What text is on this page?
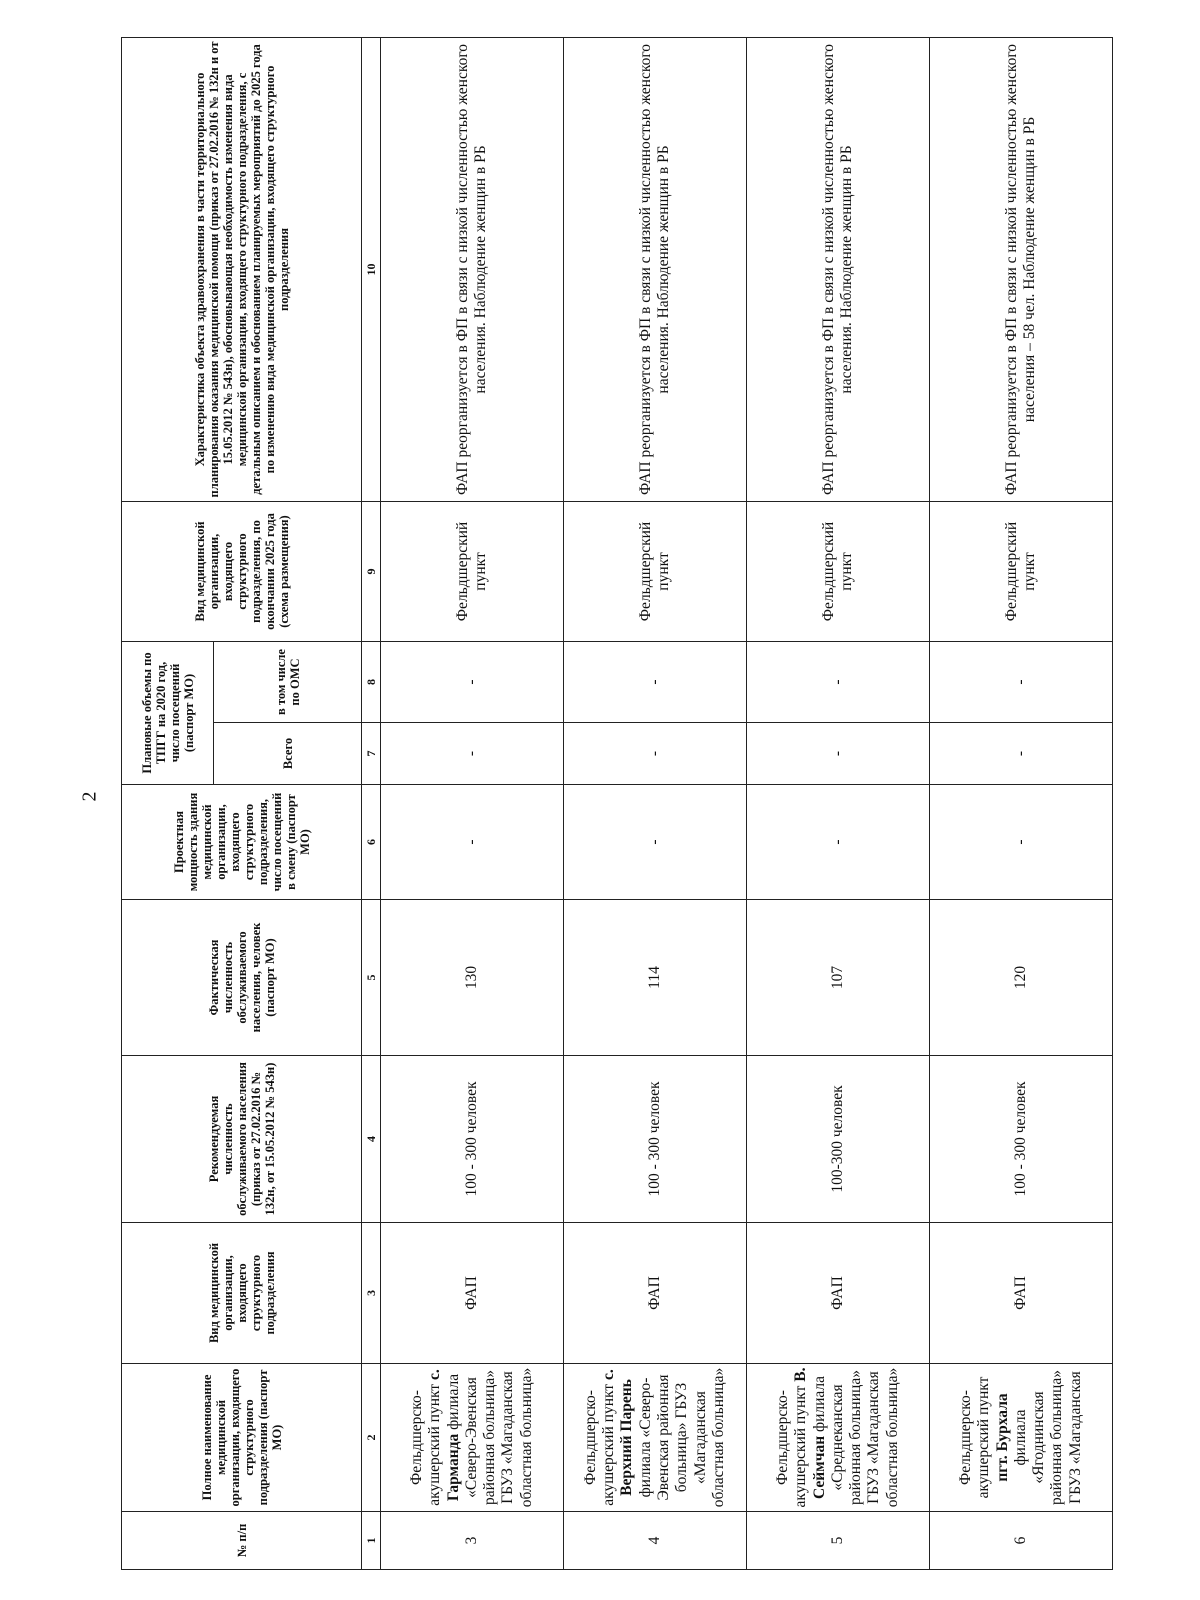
2
№ п/п	Полное наименование медицинской организации, входящего структурного подразделения (паспорт МО)	Вид медицинской организации, входящего структурного подразделения	Рекомендуемая численность обслуживаемого населения (приказ от 27.02.2016 № 132н, от 15.05.2012 № 543н)	Фактическая численность обслуживаемого населения, человек (паспорт МО)	Проектная мощность здания медицинской организации, входящего структурного подразделения, число посещений в смену (паспорт МО)	Плановые объемы по ТПГГ на 2020 год, число посещений (паспорт МО)		Вид медицинской организации, входящего структурного подразделения, по окончании 2025 года (схема размещения)	Характеристика объекта здравоохранения в части территориального планирования оказания медицинской помощи (приказ от 27.02.2016 № 132н и от 15.05.2012 № 543н), обосновывающая необходимость изменения вида медицинской организации, входящего структурного подразделения, с детальным описанием и обоснованием планируемых мероприятий до 2025 года по изменению вида медицинской организации, входящего структурного подразделения
						Всего	в том числе по ОМС		
1	2	3	4	5	6	7	8	9	10
3	Фельдшерско-акушерский пункт с. Гарманда филиала «Северо-Эвенская районная больница» ГБУЗ «Магаданская областная больница»	ФАП	100 - 300 человек	130	-	-	-	Фельдшерский пункт	ФАП реорганизуется в ФП в связи с низкой численностью женского населения. Наблюдение женщин в РБ
4	Фельдшерско-акушерский пункт с. Верхний Парень филиала «Северо-Эвенская районная больница» ГБУЗ «Магаданская областная больница»	ФАП	100 - 300 человек	114	-	-	-	Фельдшерский пункт	ФАП реорганизуется в ФП в связи с низкой численностью женского населения. Наблюдение женщин в РБ
5	Фельдшерско-акушерский пункт В. Сеймчан филиала «Среднеканская районная больница» ГБУЗ «Магаданская областная больница»	ФАП	100-300 человек	107	-	-	-	Фельдшерский пункт	ФАП реорганизуется в ФП в связи с низкой численностью женского населения. Наблюдение женщин в РБ
6	Фельдшерско-акушерский пункт пгт. Бурхала филиала «Ягоднинская районная больница» ГБУЗ «Магаданская	ФАП	100 - 300 человек	120	-	-	-	Фельдшерский пункт	ФАП реорганизуется в ФП в связи с низкой численностью женского населения – 58 чел. Наблюдение женщин в РБ
